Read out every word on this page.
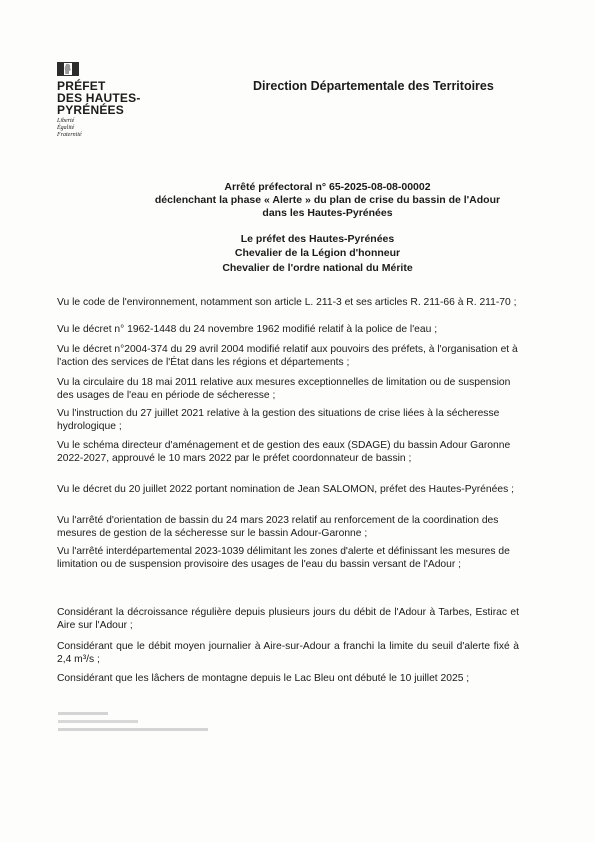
PRÉFET
DES HAUTES-
PYRÉNÉES
Liberté
Égalité
Fraternité
Direction Départementale des Territoires
Arrêté préfectoral n° 65-2025-08-08-00002
déclenchant la phase « Alerte » du plan de crise du bassin de l'Adour
dans les Hautes-Pyrénées
Le préfet des Hautes-Pyrénées
Chevalier de la Légion d'honneur
Chevalier de l'ordre national du Mérite
Vu le code de l'environnement, notamment son article L. 211-3 et ses articles R. 211-66 à R. 211-70 ;
Vu le décret n° 1962-1448 du 24 novembre 1962 modifié relatif à la police de l'eau ;
Vu le décret n°2004-374 du 29 avril 2004 modifié relatif aux pouvoirs des préfets, à l'organisation et à l'action des services de l'État dans les régions et départements ;
Vu la circulaire du 18 mai 2011 relative aux mesures exceptionnelles de limitation ou de suspension des usages de l'eau en période de sécheresse ;
Vu l'instruction du 27 juillet 2021 relative à la gestion des situations de crise liées à la sécheresse hydrologique ;
Vu le schéma directeur d'aménagement et de gestion des eaux (SDAGE) du bassin Adour Garonne 2022-2027, approuvé le 10 mars 2022 par le préfet coordonnateur de bassin ;
Vu le décret du 20 juillet 2022 portant nomination de Jean SALOMON, préfet des Hautes-Pyrénées ;
Vu l'arrêté d'orientation de bassin du 24 mars 2023 relatif au renforcement de la coordination des mesures de gestion de la sécheresse sur le bassin Adour-Garonne ;
Vu l'arrêté interdépartemental 2023-1039 délimitant les zones d'alerte et définissant les mesures de limitation ou de suspension provisoire des usages de l'eau du bassin versant de l'Adour ;
Considérant la décroissance régulière depuis plusieurs jours du débit de l'Adour à Tarbes, Estirac et Aire sur l'Adour ;
Considérant que le débit moyen journalier à Aire-sur-Adour a franchi la limite du seuil d'alerte fixé à 2,4 m³/s ;
Considérant que les lâchers de montagne depuis le Lac Bleu ont débuté le 10 juillet 2025 ;
